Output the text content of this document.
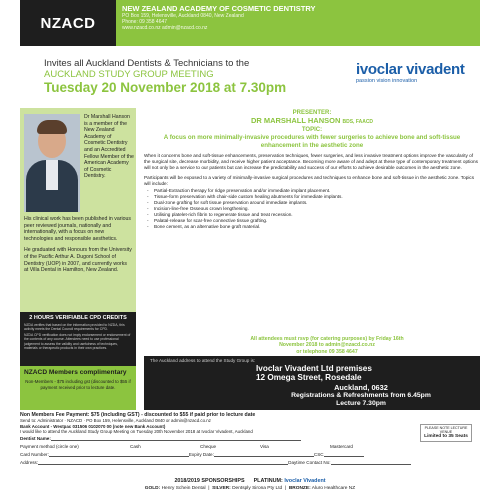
NZACD
NEW ZEALAND ACADEMY OF COSMETIC DENTISTRY
PO Box 159, Helensville, Auckland 0840, New Zealand
Phone: 09 358 4647
www.nzacd.co.nz admin@nzacd.co.nz
Invites all Auckland Dentists & Technicians to the
AUCKLAND STUDY GROUP MEETING
Tuesday 20 November 2018 at 7.30pm
ivoclar vivadent
passion vision innovation
Dr Marshall Hanson is a member of the New Zealand Academy of Cosmetic Dentistry and an Accredited Fellow Member of the American Academy of Cosmetic Dentistry.

His clinical work has been published in various peer reviewed journals, nationally and internationally, with a focus on new technologies and responsible aesthetics.

He graduated with Honours from the University of the Pacific Arthur A. Dugoni School of Dentistry (UOP) in 2007, and currently works at Villa Dental in Hamilton, New Zealand.

2 HOURS VERIFIABLE CPD CREDITS
NZDA verifies that based on the information provided to NZDA, this activity meets the Dental Council requirements for CPD.
NZDA CPD verification does not imply endorsement or endorsement of the contents of any course. Attendees need to use professional judgement to assess the validity and usefulness of techniques, materials or therapeutic products in their own practices.
NZACD Members complimentary
Non-Members - $75 including gst (discounted to $55 if payment received prior to lecture date.
PRESENTER:
DR MARSHALL HANSON BDS, FAACD
TOPIC:
A focus on more minimally-invasive procedures with fewer surgeries to achieve bone and soft-tissue enhancement in the aesthetic zone
When it concerns bone and soft-tissue enhancements, preservation techniques, fewer surgeries, and less invasive treatment options improve the vascularity of the surgical site, decrease morbidity, and receive higher patient acceptance. Becoming more aware of and adept at these type of contemporary treatment options will not only be a service to our patients but can increase the predictability and success of our efforts to achieve desirable outcomes in the aesthetic zone.
Participants will be exposed to a variety of minimally-invasive surgical procedures and techniques to enhance bone and soft-tissue in the aesthetic zone. Topics will include:
- Partial-Extraction therapy for ridge preservation and/or immediate implant placement.
- Tissue-form preservation with chair-side custom healing abutments for immediate implants.
- Dual-zone grafting for soft tissue preservation around immediate implants.
- Incision-line-free Osseous crown lengthening.
- Utilising platelet-rich fibrin to regenerate tissue and treat recession.
- Palatal-release for scar-free connective tissue grafting.
- Bone cement, as an alternative bone graft material.
All attendees must rsvp (for catering purposes) by Friday 16th
November 2018 to admin@nzacd.co.nz
or telephone 09 358 4647
The Auckland address to attend the Study Group is:
Ivoclar Vivadent Ltd premises
12 Omega Street, Rosedale
Auckland, 0632
Registrations & Refreshments from 6.45pm
Lecture 7.30pm
Non Members Fee Payment: $75 (including GST) - discounted to $55 if paid prior to lecture date
Send to: Administrator · NZACD · PO Box 159, Helensville, Auckland 0840 or admin@nzacd.co.nz
Bank Account - Westpac 031506 0102070 00 (note new Bank Account)
I would like to attend the Auckland Study Group Meeting on Tuesday 20th November 2018 at Ivoclar Vivadent, Auckland
PLEASE NOTE LECTURE VENUE
Limited to 35 Seats
Dentist Name:
Payment method (circle one)	Cash	Cheque	Visa	Mastercard
Card Number:	Expiry Date:	CSC
Address:	Daytime Contact No:
2018/2019 SPONSORSHIPS PLATINUM: Ivoclar Vivadent
GOLD: Henry Schein Dental  |  SILVER: Dentsply Sirona Pty Ltd  |  BRONZE: Aluro Healthcare NZ
